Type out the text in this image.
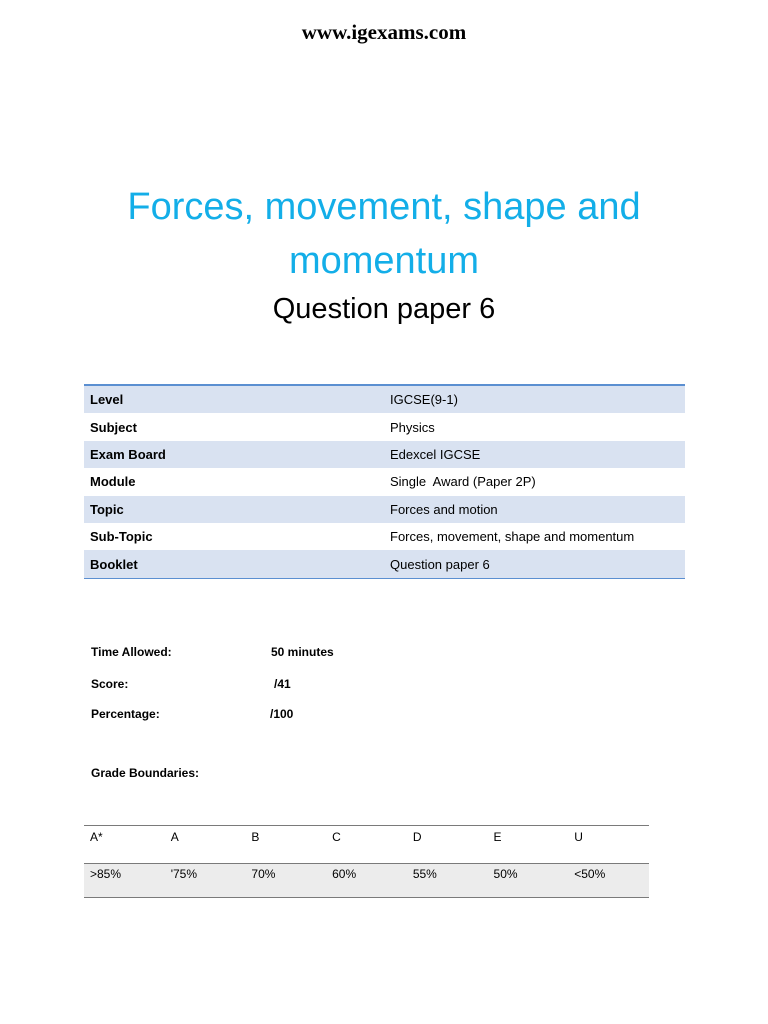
www.igexams.com
Forces, movement, shape and
momentum
Question paper 6
Level	IGCSE(9-1)
Subject	Physics
Exam Board	Edexcel IGCSE
Module	Single  Award (Paper 2P)
Topic	Forces and motion
Sub-Topic	Forces, movement, shape and momentum
Booklet	Question paper 6
Time Allowed:	50 minutes
Score:	/41
Percentage:	/100
Grade Boundaries:
A*	A	B	C	D	E	U
>85%	'75%	70%	60%	55%	50%	<50%
